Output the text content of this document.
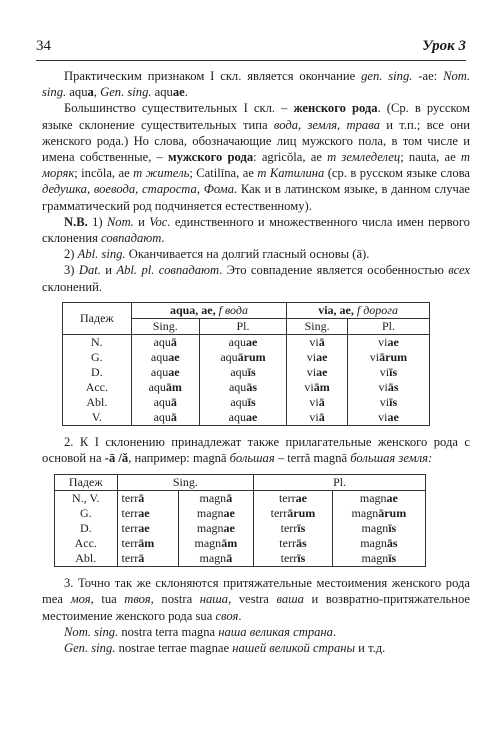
34	Урок 3

Практическим признаком I скл. является окончание gen. sing. -ae: Nom. sing. aqua, Gen. sing. aquae.

Большинство существительных I скл. – женского рода. (Ср. в русском языке склонение существительных типа вода, земля, трава и т.п.; все они женского рода.) Но слова, обозначающие лиц мужского пола, в том числе и имена собственные, – мужского рода: agricŏla, ae m земледелец; nauta, ae m моряк; incŏla, ae m житель; Catilīna, ae m Катилина (ср. в русском языке слова дедушка, воевода, староста, Фома. Как и в латинском языке, в данном случае грамматический род подчиняется естественному).

N.B. 1) Nom. и Voc. единственного и множественного числа имен первого склонения совпадают.

2) Abl. sing. Оканчивается на долгий гласный основы (ā).

3) Dat. и Abl. pl. совпадают. Это совпадение является особенностью всех склонений.

Падеж	aqua, ae, f вода		via, ae, f дорога	
	Sing.	Pl.	Sing.	Pl.
N.	aquā	aquae	viā	viae
G.	aquae	aquārum	viae	viārum
D.	aquae	aquīs	viae	viīs
Acc.	aquām	aquās	viām	viās
Abl.	aquā	aquīs	viā	viīs
V.	aquā	aquae	viā	viae

2. К I склонению принадлежат также прилагательные женского рода с основой на -ā /ă, например: magnā большая – terră magnā большая земля:

Падеж	Sing.		Pl.	
N., V.	terrā	magnā	terrae	magnae
G.	terrae	magnae	terrārum	magnārum
D.	terrae	magnae	terrīs	magnīs
Acc.	terrām	magnām	terrās	magnās
Abl.	terrā	magnā	terrīs	magnīs

3. Точно так же склоняются притяжательные местоимения женского рода mea моя, tua твоя, nostra наша, vestra ваша и возвратно-притяжательное местоимение женского рода sua своя.

Nom. sing. nostra terra magna наша великая страна.

Gen. sing. nostrae terrae magnae нашей великой страны и т.д.
